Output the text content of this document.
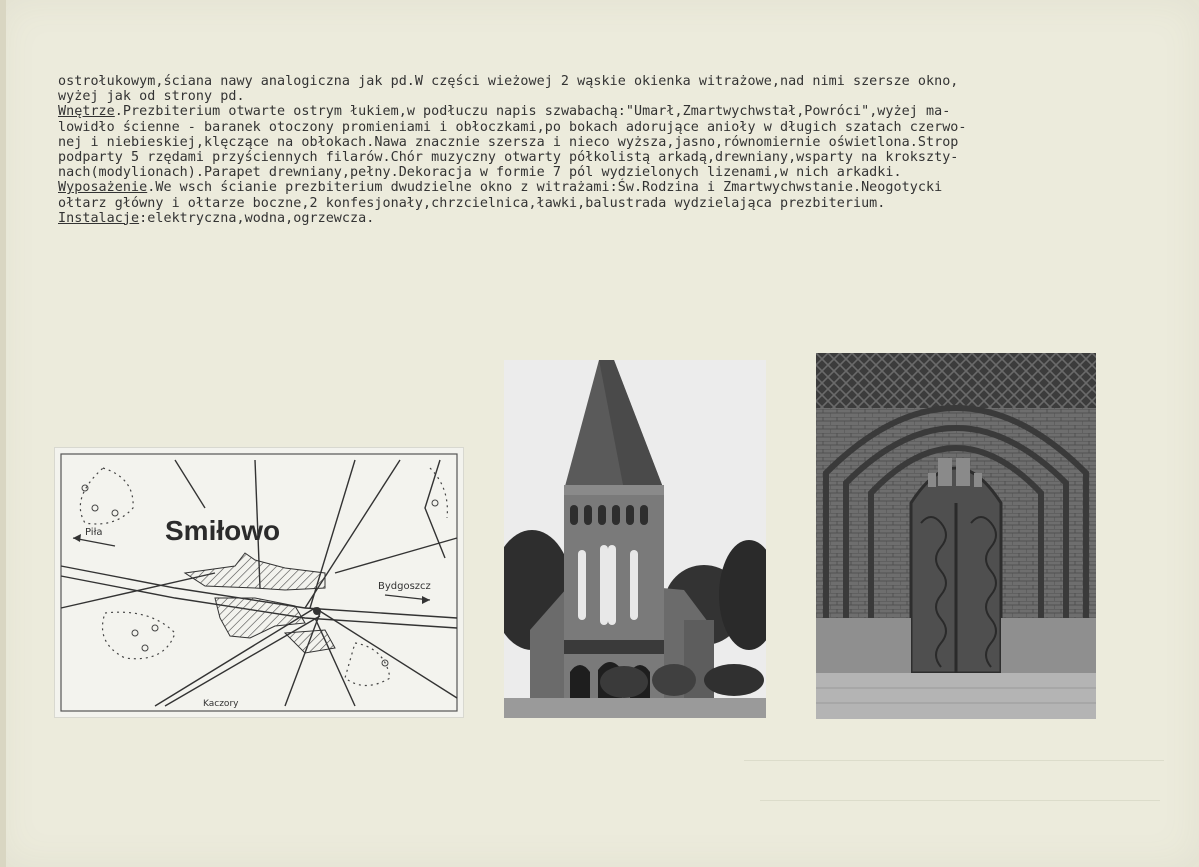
ostrołukowym,ściana nawy analogiczna jak pd.W części wieżowej 2 wąskie okienka witrażowe,nad nimi szersze okno,
wyżej jak od strony pd.
Wnętrze.Prezbiterium otwarte ostrym łukiem,w podłuczu napis szwabachą:"Umarł,Zmartwychwstał,Powróci",wyżej ma-
lowidło ścienne - baranek otoczony promieniami i obłoczkami,po bokach adorujące anioły w długich szatach czerwo-
nej i niebieskiej,klęczące na obłokach.Nawa znacznie szersza i nieco wyższa,jasno,równomiernie oświetlona.Strop
podparty 5 rzędami przyściennych filarów.Chór muzyczny otwarty półkolistą arkadą,drewniany,wsparty na krokszty-
nach(modylionach).Parapet drewniany,pełny.Dekoracja w formie 7 pól wydzielonych lizenami,w nich arkadki.
Wyposażenie.We wsch ścianie prezbiterium dwudzielne okno z witrażami:Św.Rodzina i Zmartwychwstanie.Neogotycki
ołtarz główny i ołtarze boczne,2 konfesjonały,chrzcielnica,ławki,balustrada wydzielająca prezbiterium.
Instalacje:elektryczna,wodna,ogrzewcza.
Smiłowo
Piła
Bydgoszcz
Kaczory
